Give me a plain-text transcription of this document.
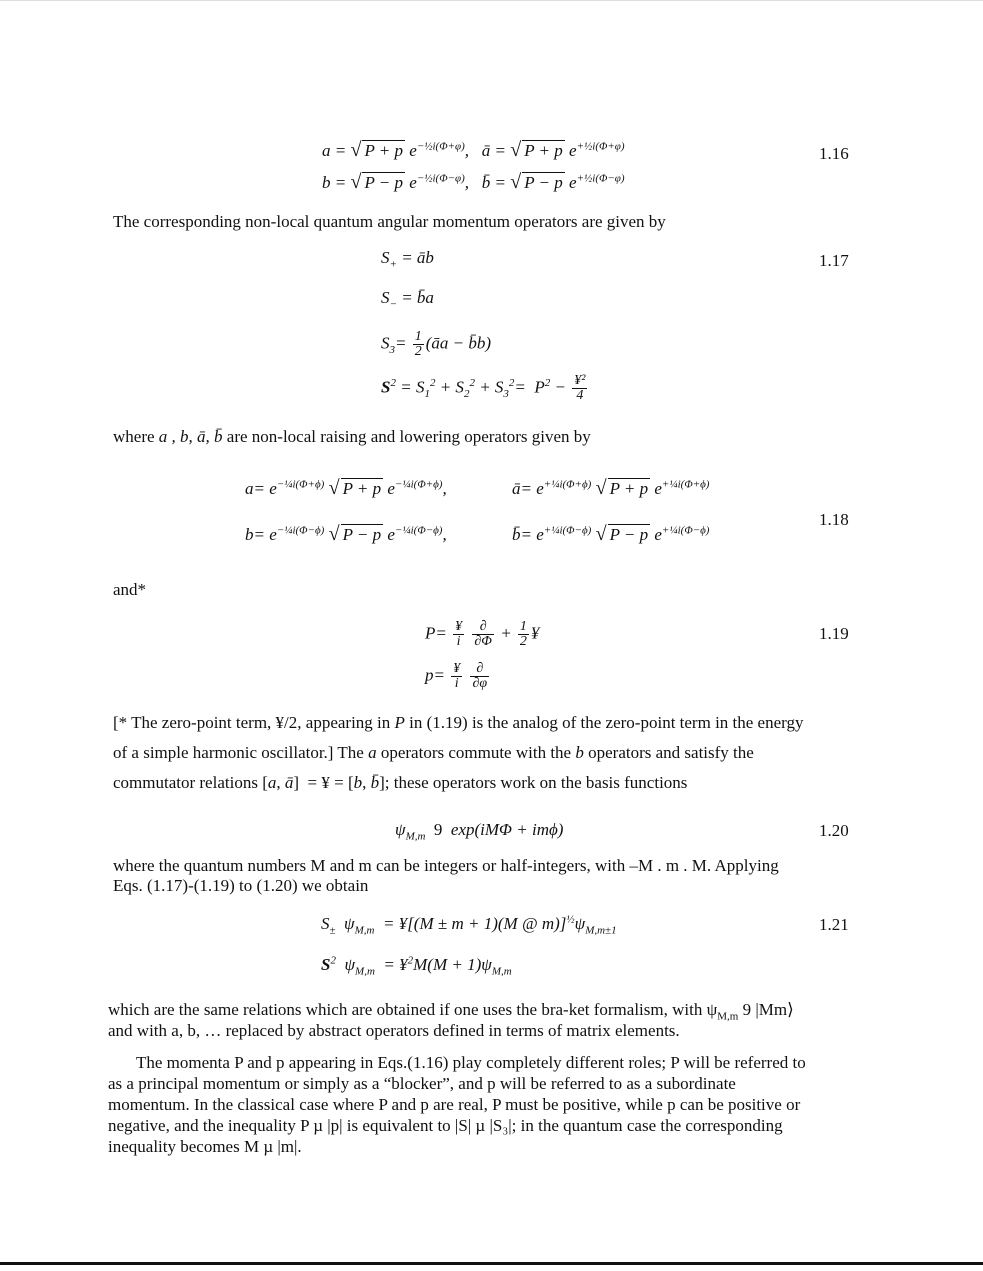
a = √ P + p $e^{-\frac{1}{2}i(\Phi+\varphi)}$,   ā = √ P + p $e^{+\frac{1}{2}i(\Phi+\varphi)}$
b = √ P − p $e^{-\frac{1}{2}i(\Phi-\varphi)}$,   b̄ = √ P − p $e^{+\frac{1}{2}i(\Phi-\varphi)}$
1.16
The corresponding non-local quantum angular momentum operators are given by
$S_+$ = āb
$S_-$ = b̄a
$S_3= \frac{1}{2}$ (āa − b̄b)
$S^2 = S_1^2 + S_2^2 + S_3^2= P^2 - \frac{\text{¥²}}{4}$
1.17
where a , b, ā, b̄ are non-local raising and lowering operators given by
$a= e^{-\frac{1}{4}i(\Phi+\phi)}$ √ P + p $e^{-\frac{1}{4}i(\Phi+\phi)}$,	ā= $e^{+\frac{1}{4}i(\Phi+\phi)}$ √ P + p $e^{+\frac{1}{4}i(\Phi+\phi)}$
$b= e^{-\frac{1}{4}i(\Phi-\phi)}$ √ P − p $e^{-\frac{1}{4}i(\Phi-\phi)}$,	b̄= $e^{+\frac{1}{4}i(\Phi-\phi)}$ √ P − p $e^{+\frac{1}{4}i(\Phi-\phi)}$
1.18
and*
$P= \frac{¥}{i}$
$\frac{\partial}{\partial\Phi} + \frac{1}{2}$ ¥
$p= \frac{¥}{i}$
$\frac{\partial}{\partial\varphi}$
1.19
[* The zero-point term, ¥/2, appearing in P in (1.19) is the analog of the zero-point term in the energy
of a simple harmonic oscillator.] The a operators commute with the b operators and satisfy the
commutator relations [a, ā]  = ¥ = [b, b̄]; these operators work on the basis functions
$\psi_{M,m}$ 9  exp(iMΦ + imϕ)	1.20
where the quantum numbers M and m can be integers or half-integers, with –M . m . M. Applying
Eqs. (1.17)-(1.19) to (1.20) we obtain
$S_\pm$  $\psi_{M,m}$  = ¥[(M ± m + 1)(M @ $m)]^{\frac{1}{2}}\psi_{M,m\pm 1}$
$S^2$  $\psi_{M,m}$  = ¥$^2$M(M + $1)\psi_{M,m}$
1.21
which are the same relations which are obtained if one uses the bra-ket formalism, with $\psi_{M,m}$ 9 |Mm⟩
and with a, b, … replaced by abstract operators defined in terms of matrix elements.
The momenta P and p appearing in Eqs.(1.16) play completely different roles; P will be referred to
as a principal momentum or simply as a “blocker”, and p will be referred to as a subordinate
momentum. In the classical case where P and p are real, P must be positive, while p can be positive or
negative, and the inequality P µ |p| is equivalent to |S| µ |S₃|; in the quantum case the corresponding
inequality becomes M µ |m|.
